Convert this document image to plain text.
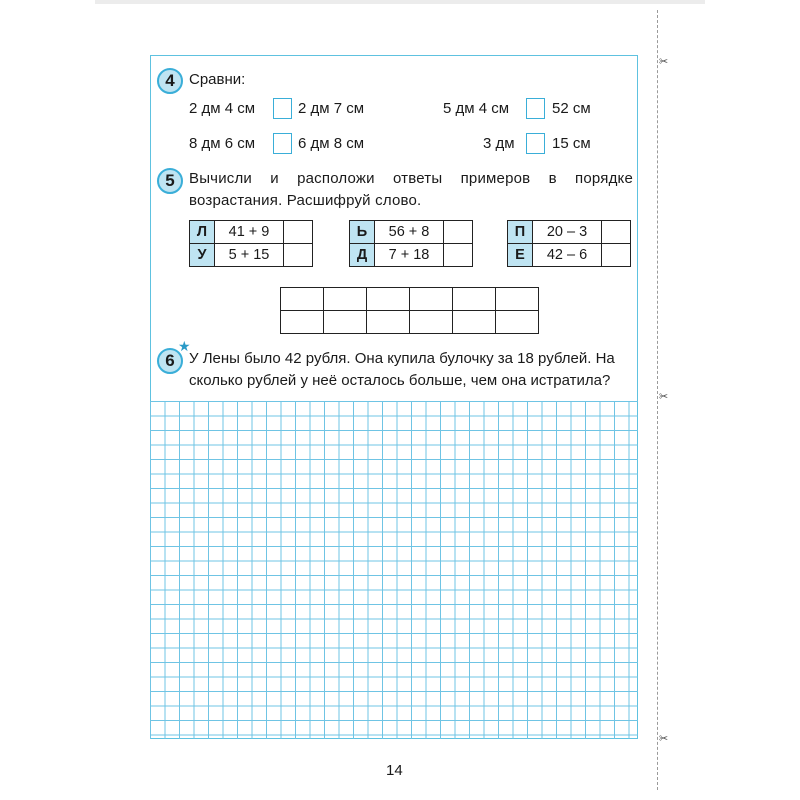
4 Сравни:
2 дм 4 см	2 дм 7 см	5 дм 4 см	52 см
8 дм 6 см	6 дм 8 см	3 дм 15 см
5 Вычисли и расположи ответы примеров в порядке возрастания. Расшифруй слово.
Л	41 + 9	
У	5 + 15	
Ь	56 + 8	
Д	7 + 18	
П	20 – 3	
Е	42 – 6	

6
★
У Лены было 42 рубля. Она купила булочку за 18 рублей. На сколько рублей у неё осталось больше, чем она истратила?
✂
✂
✂
14
